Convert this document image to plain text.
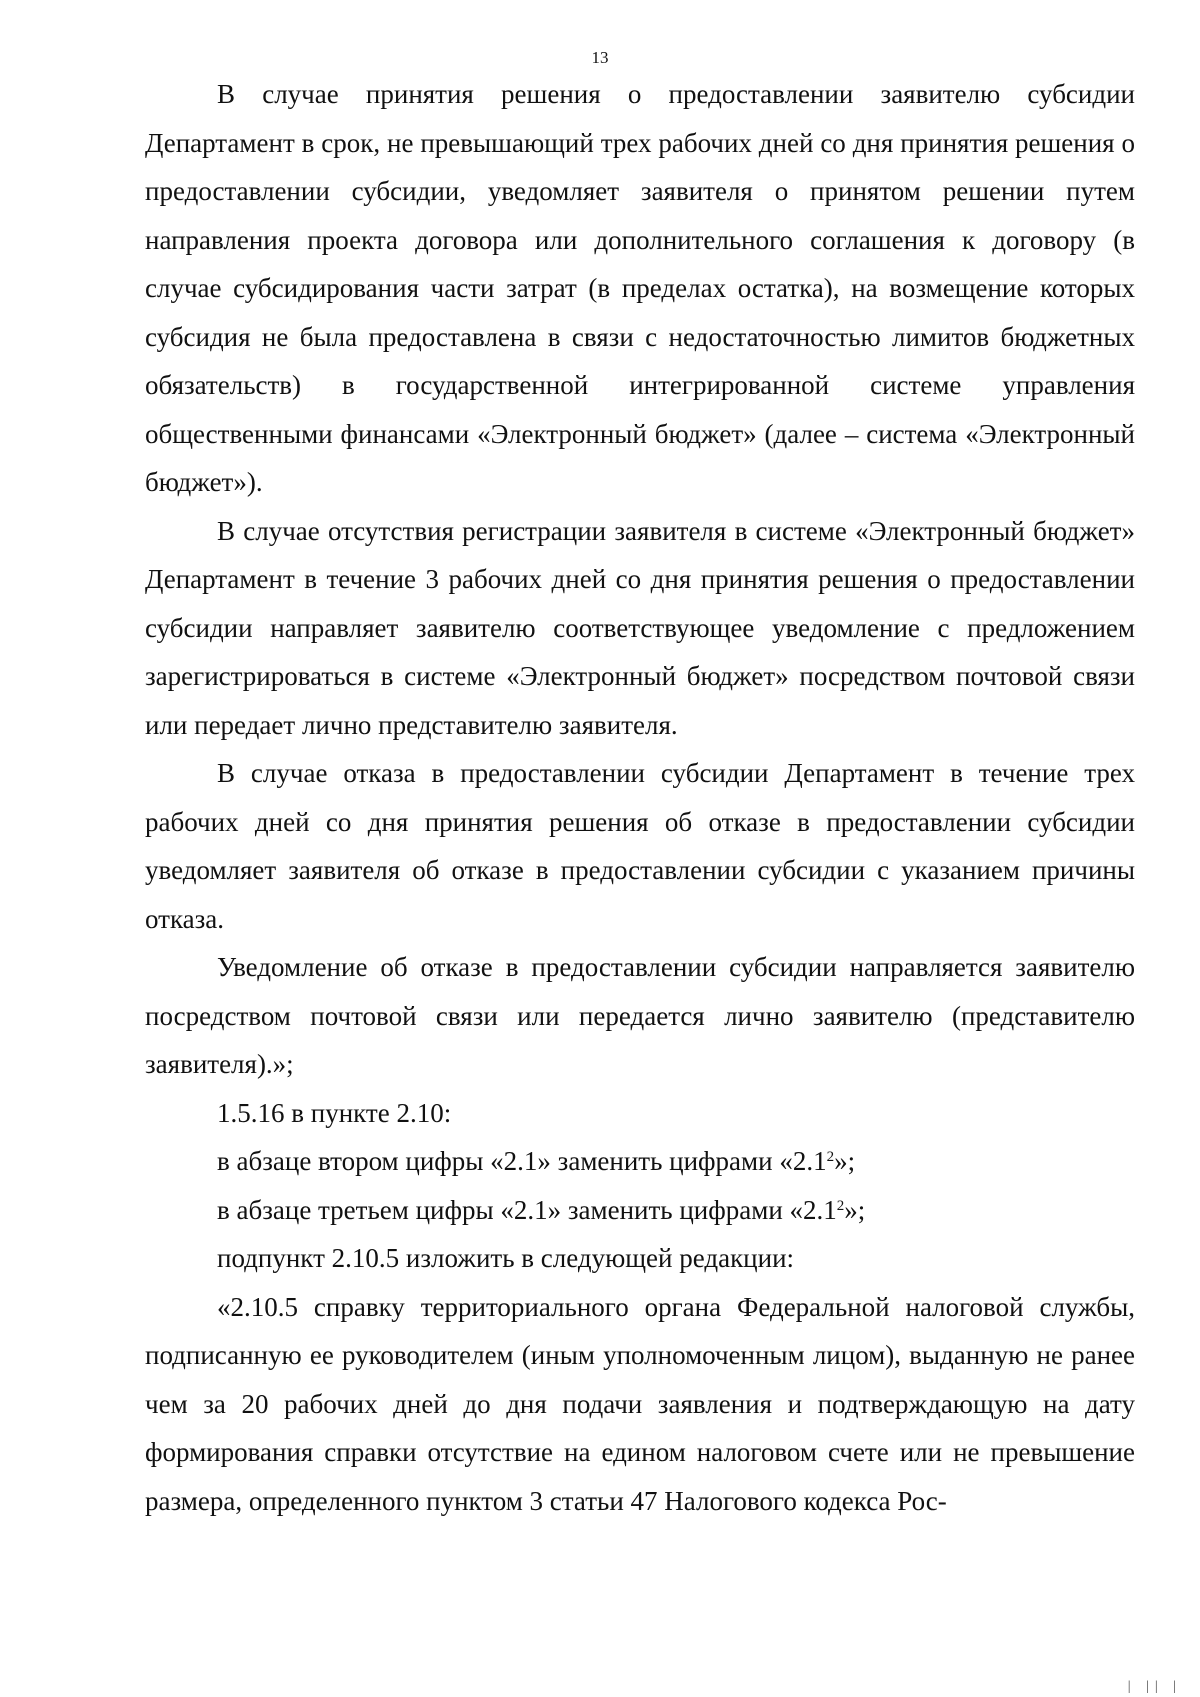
13

В случае принятия решения о предоставлении заявителю субсидии Департамент в срок, не превышающий трех рабочих дней со дня принятия решения о предоставлении субсидии, уведомляет заявителя о принятом решении путем направления проекта договора или дополнительного соглашения к договору (в случае субсидирования части затрат (в пределах остатка), на возмещение которых субсидия не была предоставлена в связи с недостаточностью лимитов бюджетных обязательств) в государственной интегрированной системе управления общественными финансами «Электронный бюджет» (далее – система «Электронный бюджет»).

В случае отсутствия регистрации заявителя в системе «Электронный бюджет» Департамент в течение 3 рабочих дней со дня принятия решения о предоставлении субсидии направляет заявителю соответствующее уведомление с предложением зарегистрироваться в системе «Электронный бюджет» посредством почтовой связи или передает лично представителю заявителя.

В случае отказа в предоставлении субсидии Департамент в течение трех рабочих дней со дня принятия решения об отказе в предоставлении субсидии уведомляет заявителя об отказе в предоставлении субсидии с указанием причины отказа.

Уведомление об отказе в предоставлении субсидии направляется заявителю посредством почтовой связи или передается лично заявителю (представителю заявителя).»;

1.5.16 в пункте 2.10:

в абзаце втором цифры «2.1» заменить цифрами «$2.1^2$»;

в абзаце третьем цифры «2.1» заменить цифрами «$2.1^2$»;

подпункт 2.10.5 изложить в следующей редакции:

«2.10.5 справку территориального органа Федеральной налоговой службы, подписанную ее руководителем (иным уполномоченным лицом), выданную не ранее чем за 20 рабочих дней до дня подачи заявления и подтверждающую на дату формирования справки отсутствие на едином налоговом счете или не превышение размера, определенного пунктом 3 статьи 47 Налогового кодекса Рос-

| || |
